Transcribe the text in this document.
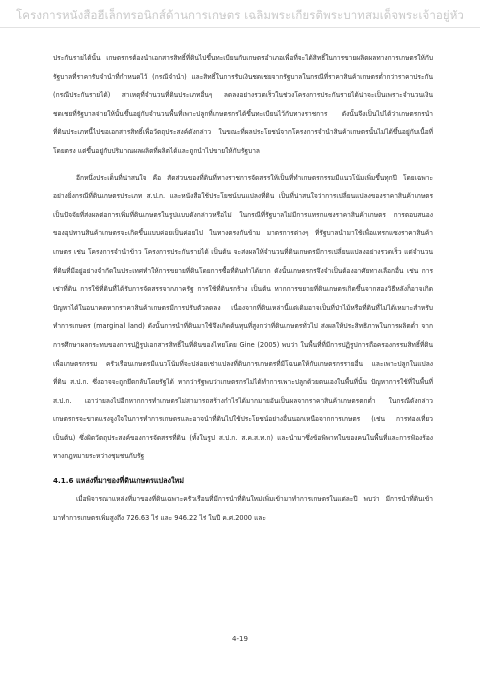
โครงการหนังสือฮีเล็กทรอนิกส์ด้านการเกษตร เฉลิมพระเกียรติพระบาทสมเด็จพระเจ้าอยู่หัว

ประกันรายได้นั้น เกษตรกรต้องนำเอกสารสิทธิ์ที่ดินไปขึ้นทะเบียนกับเกษตรอำเภอเพื่อที่จะได้สิทธิ์ในการขายผลิตผลทางการเกษตรให้กับรัฐบาลที่ราคารับจำนำที่กำหนดไว้ (กรณีจำนำ) และสิทธิ์ในการรับเงินชดเชยจากรัฐบาลในกรณีที่ราคาสินค้าเกษตรต่ำกว่าราคาประกัน (กรณีประกันรายได้) สาเหตุที่จำนวนที่ดินประเภทอื่นๆ ลดลงอย่างรวดเร็วในช่วงโครงการประกันรายได้น่าจะเป็นเพราะจำนวนเงินชดเชยที่รัฐบาลจ่ายให้นั้นขึ้นอยู่กับจำนวนพื้นที่เพาะปลูกที่เกษตรกรได้ขึ้นทะเบียนไว้กับทางราชการ ดังนั้นจึงเป็นไปได้ว่าเกษตรกรนำที่ดินประเภทนี้ไปขอเอกสารสิทธิ์เพื่อวัตถุประสงค์ดังกล่าว ในขณะที่ผลประโยชน์จากโครงการจำนำสินค้าเกษตรนั้นไม่ได้ขึ้นอยู่กับเนื้อที่โดยตรง แต่ขึ้นอยู่กับปริมาณผลผลิตที่ผลิตได้และถูกนำไปขายให้กับรัฐบาล

อีกหนึ่งประเด็นที่น่าสนใจ คือ สัดส่วนของที่ดินที่ทางราชการจัดสรรให้เป็นที่ทำเกษตรกรรมมีแนวโน้มเพิ่มขึ้นทุกปี โดยเฉพาะอย่างยิ่งกรณีที่ดินเกษตรประเภท ส.ป.ก. และหนังสือใช้ประโยชน์บนแปลงที่ดิน เป็นที่น่าสนใจว่าการเปลี่ยนแปลงของราคาสินค้าเกษตรเป็นปัจจัยที่ส่งผลต่อการเพิ่มที่ดินเกษตรในรูปแบบดังกล่าวหรือไม่ ในกรณีที่รัฐบาลไม่มีการแทรกแซงราคาสินค้าเกษตร การตอบสนองของอุปทานสินค้าเกษตรจะเกิดขึ้นแบบค่อยเป็นค่อยไป ในทางตรงกันข้าม มาตรการต่างๆ ที่รัฐบาลนำมาใช้เพื่อแทรกแซงราคาสินค้าเกษตร เช่น โครงการจำนำข้าว โครงการประกันรายได้ เป็นต้น จะส่งผลให้จำนวนที่ดินเกษตรมีการเปลี่ยนแปลงอย่างรวดเร็ว แต่จำนวนที่ดินที่มีอยู่อย่างจำกัดในประเทศทำให้การขยายที่ดินโดยการซื้อที่ดินทำได้ยาก ดังนั้นเกษตรกรจึงจำเป็นต้องอาศัยทางเลือกอื่น เช่น การเช่าที่ดิน การใช้ที่ดินที่ได้รับการจัดสรรจากภาครัฐ การใช้ที่ดินรกร้าง เป็นต้น หากการขยายที่ดินเกษตรเกิดขึ้นจากสองวิธีหลังก็อาจเกิดปัญหาได้ในอนาคตหากราคาสินค้าเกษตรมีการปรับตัวลดลง เนื่องจากที่ดินเหล่านี้แต่เดิมอาจเป็นที่ป่าไม้หรือที่ดินที่ไม่ได้เหมาะสำหรับทำการเกษตร (marginal land) ดังนั้นการนำที่ดินมาใช้จึงเกิดต้นทุนที่สูงกว่าที่ดินเกษตรทั่วไป ส่งผลให้ประสิทธิภาพในการผลิตต่ำ จากการศึกษาผลกระทบของการปฏิรูปเอกสารสิทธิ์ในที่ดินของไทยโดย Gine (2005) พบว่า ในพื้นที่ที่มีการปฏิรูปการถือครองกรรมสิทธิ์ที่ดินเพื่อเกษตรกรรม ครัวเรือนเกษตรมีแนวโน้มที่จะปล่อยเช่าแปลงที่ดินการเกษตรที่มีโฉนดให้กับเกษตรกรรายอื่น และเพาะปลูกในแปลงที่ดิน ส.ป.ก. ซึ่งอาจจะถูกยึดกลับโดยรัฐได้ หากว่ารัฐพบว่าเกษตรกรไม่ได้ทำการเพาะปลูกด้วยตนเองในพื้นที่นั้น ปัญหาการใช้ที่ในพื้นที่ ส.ป.ก. เอาว่ายลงไปอีกหากการทำเกษตรไม่สามารถสร้างกำไรได้มากมายอันเป็นผลจากราคาสินค้าเกษตรตกต่ำ ในกรณีดังกล่าวเกษตรกรจะขาดแรงจูงใจในการทำการเกษตรและอาจนำที่ดินไปใช้ประโยชน์อย่างอื่นนอกเหนือจากการเกษตร (เช่น การท่องเที่ยว เป็นต้น) ซึ่งผิดวัตถุประสงค์ของการจัดสรรที่ดิน (ทั้งในรูป ส.ป.ก. ส.ค.ส.ท.ก) และนำมาซึ่งข้อพิพาทในของคนในพื้นที่และการฟ้องร้องทางกฎหมายระหว่างชุมชนกับรัฐ

4.1.6 แหล่งที่มาของที่ดินเกษตรแปลงใหม่

เมื่อพิจารณาแหล่งที่มาของที่ดินเฉพาะครัวเรือนที่มีการนำที่ดินใหม่เพิ่มเข้ามาทำการเกษตรในแต่ละปี พบว่า มีการนำที่ดินเข้ามาทำการเกษตรเพิ่มสูงถึง 726.63 ไร่ และ 946.22 ไร่ ในปี ค.ศ.2000 และ

4-19
